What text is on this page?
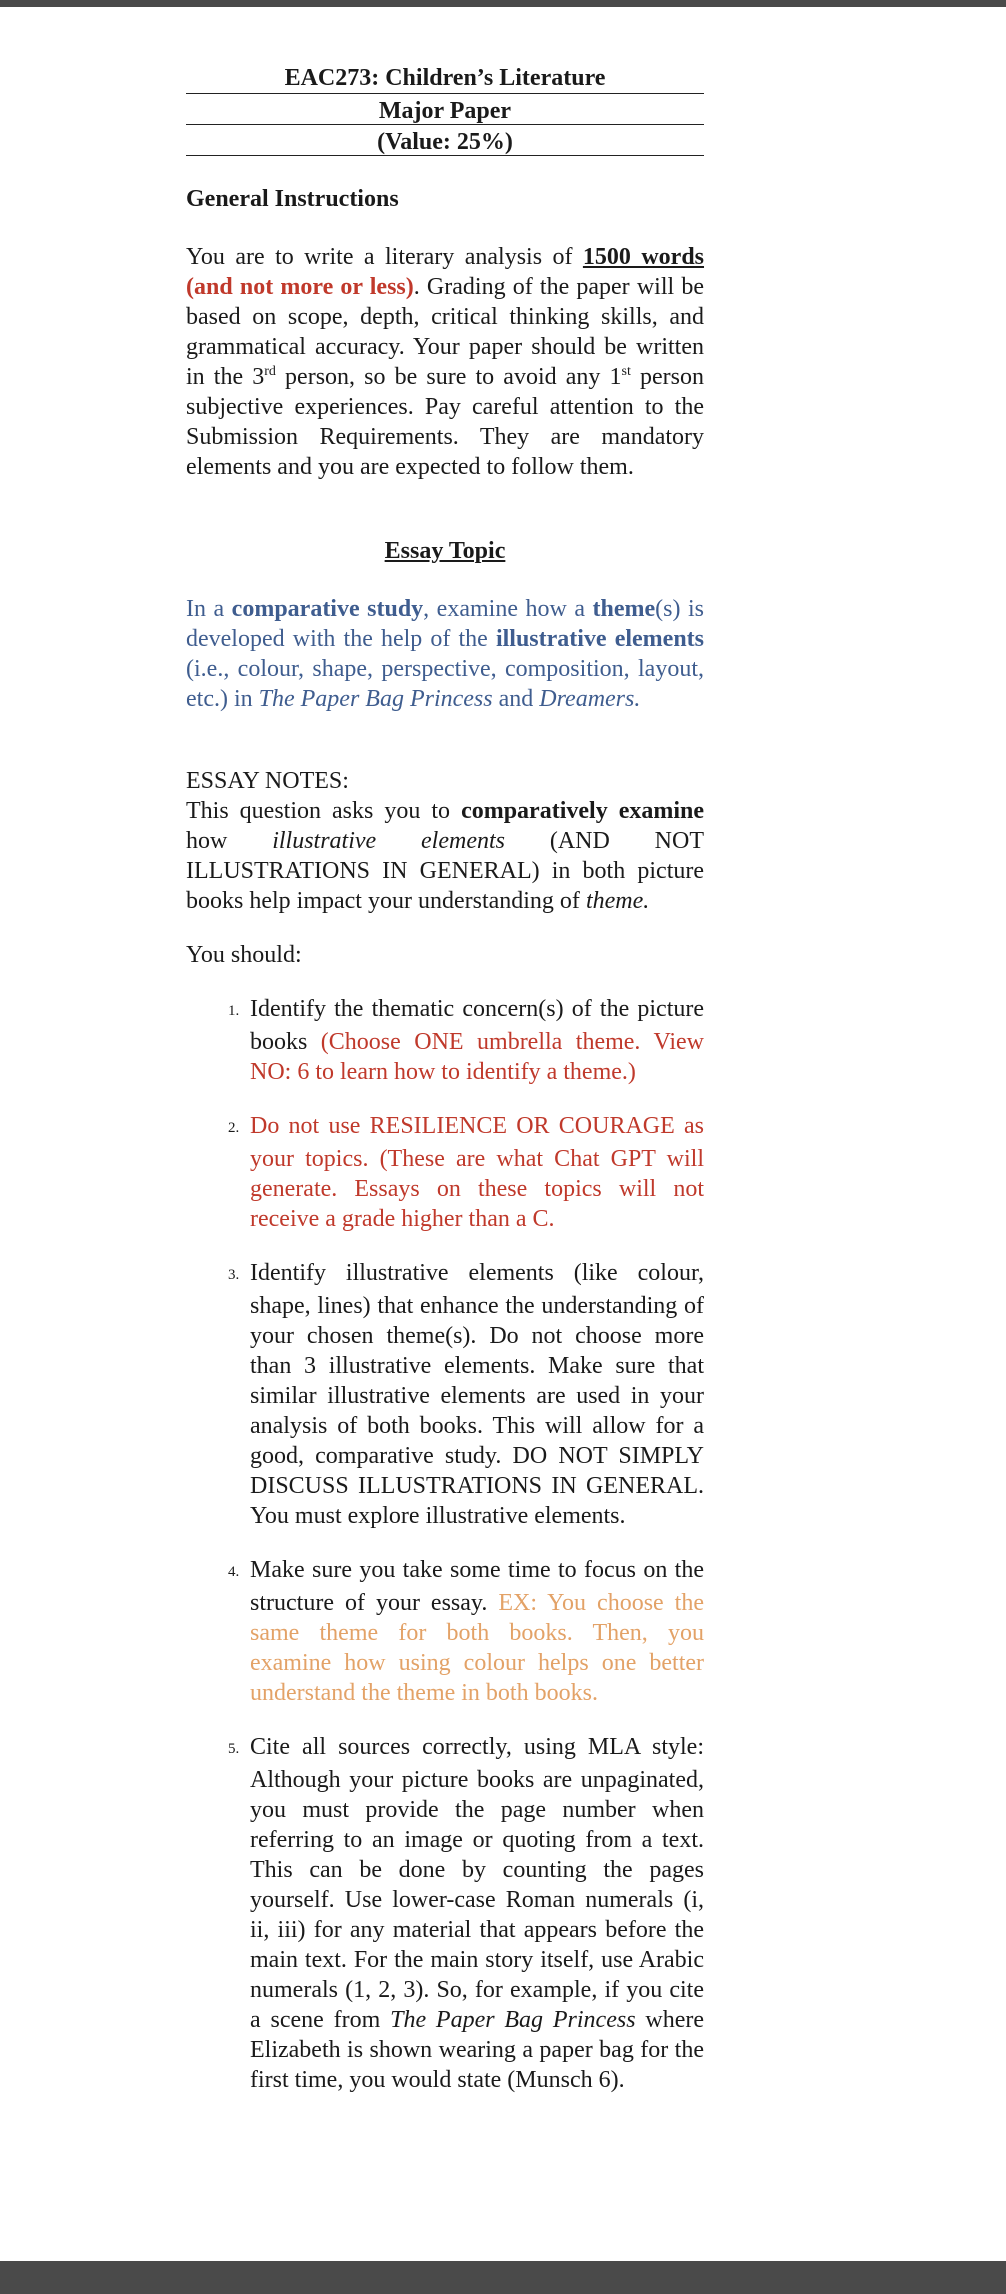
EAC273: Children’s Literature
Major Paper
(Value: 25%)
General Instructions

You are to write a literary analysis of 1500 words (and not more or less). Grading of the paper will be based on scope, depth, critical thinking skills, and grammatical accuracy. Your paper should be written in the 3rd person, so be sure to avoid any 1st person subjective experiences. Pay careful attention to the Submission Requirements. They are mandatory elements and you are expected to follow them.

Essay Topic

In a comparative study, examine how a theme(s) is developed with the help of the illustrative elements (i.e., colour, shape, perspective, composition, layout, etc.) in The Paper Bag Princess and Dreamers.

ESSAY NOTES:

This question asks you to comparatively examine how illustrative elements (AND NOT ILLUSTRATIONS IN GENERAL) in both picture books help impact your understanding of theme.

You should:

1. Identify the thematic concern(s) of the picture books (Choose ONE umbrella theme. View NO: 6 to learn how to identify a theme.)
2. Do not use RESILIENCE OR COURAGE as your topics. (These are what Chat GPT will generate. Essays on these topics will not receive a grade higher than a C.
3. Identify illustrative elements (like colour, shape, lines) that enhance the understanding of your chosen theme(s). Do not choose more than 3 illustrative elements. Make sure that similar illustrative elements are used in your analysis of both books. This will allow for a good, comparative study. DO NOT SIMPLY DISCUSS ILLUSTRATIONS IN GENERAL. You must explore illustrative elements.
4. Make sure you take some time to focus on the structure of your essay. EX: You choose the same theme for both books. Then, you examine how using colour helps one better understand the theme in both books.
5. Cite all sources correctly, using MLA style: Although your picture books are unpaginated, you must provide the page number when referring to an image or quoting from a text. This can be done by counting the pages yourself. Use lower-case Roman numerals (i, ii, iii) for any material that appears before the main text. For the main story itself, use Arabic numerals (1, 2, 3). So, for example, if you cite a scene from The Paper Bag Princess where Elizabeth is shown wearing a paper bag for the first time, you would state (Munsch 6).
